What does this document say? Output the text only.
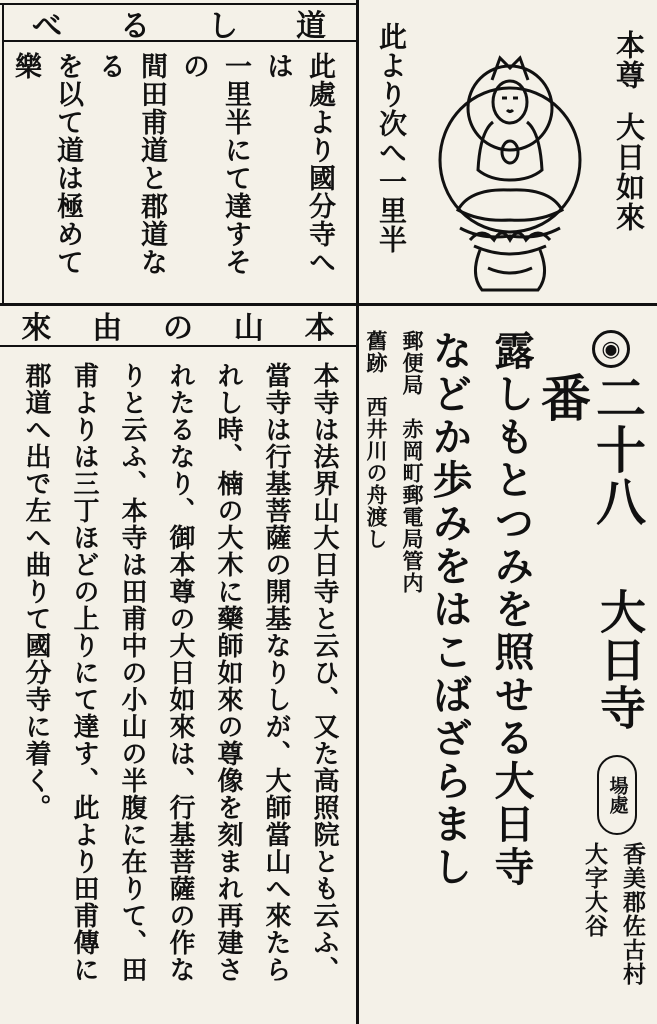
道
し
る
べ

此處より國分寺へは

一里半にて達すその

間田甫道と郡道なる

を以て道は極めて樂	此より次へ一里半	本尊

大日如來

本
山
の
由
來

本寺は法界山大日寺と云ひ、又た高照院とも云ふ、

當寺は行基菩薩の開基なりしが、大師當山へ來たら

れし時、楠の大木に藥師如來の尊像を刻まれ再建さ

れたるなり、御本尊の大日如來は、行基菩薩の作な

りと云ふ、本寺は田甫中の小山の半腹に在りて、田

甫よりは三丁ほどの上りにて達す、此より田甫傳に

郡道へ出で左へ曲りて國分寺に着く。	郵便局　赤岡町郵電局管内

舊跡　西井川の舟渡し 露しもとつみを照せる大日寺

などか歩みをはこばざらまし	◉
二十八番
大日寺
場處

香美郡佐古村

大字大谷
